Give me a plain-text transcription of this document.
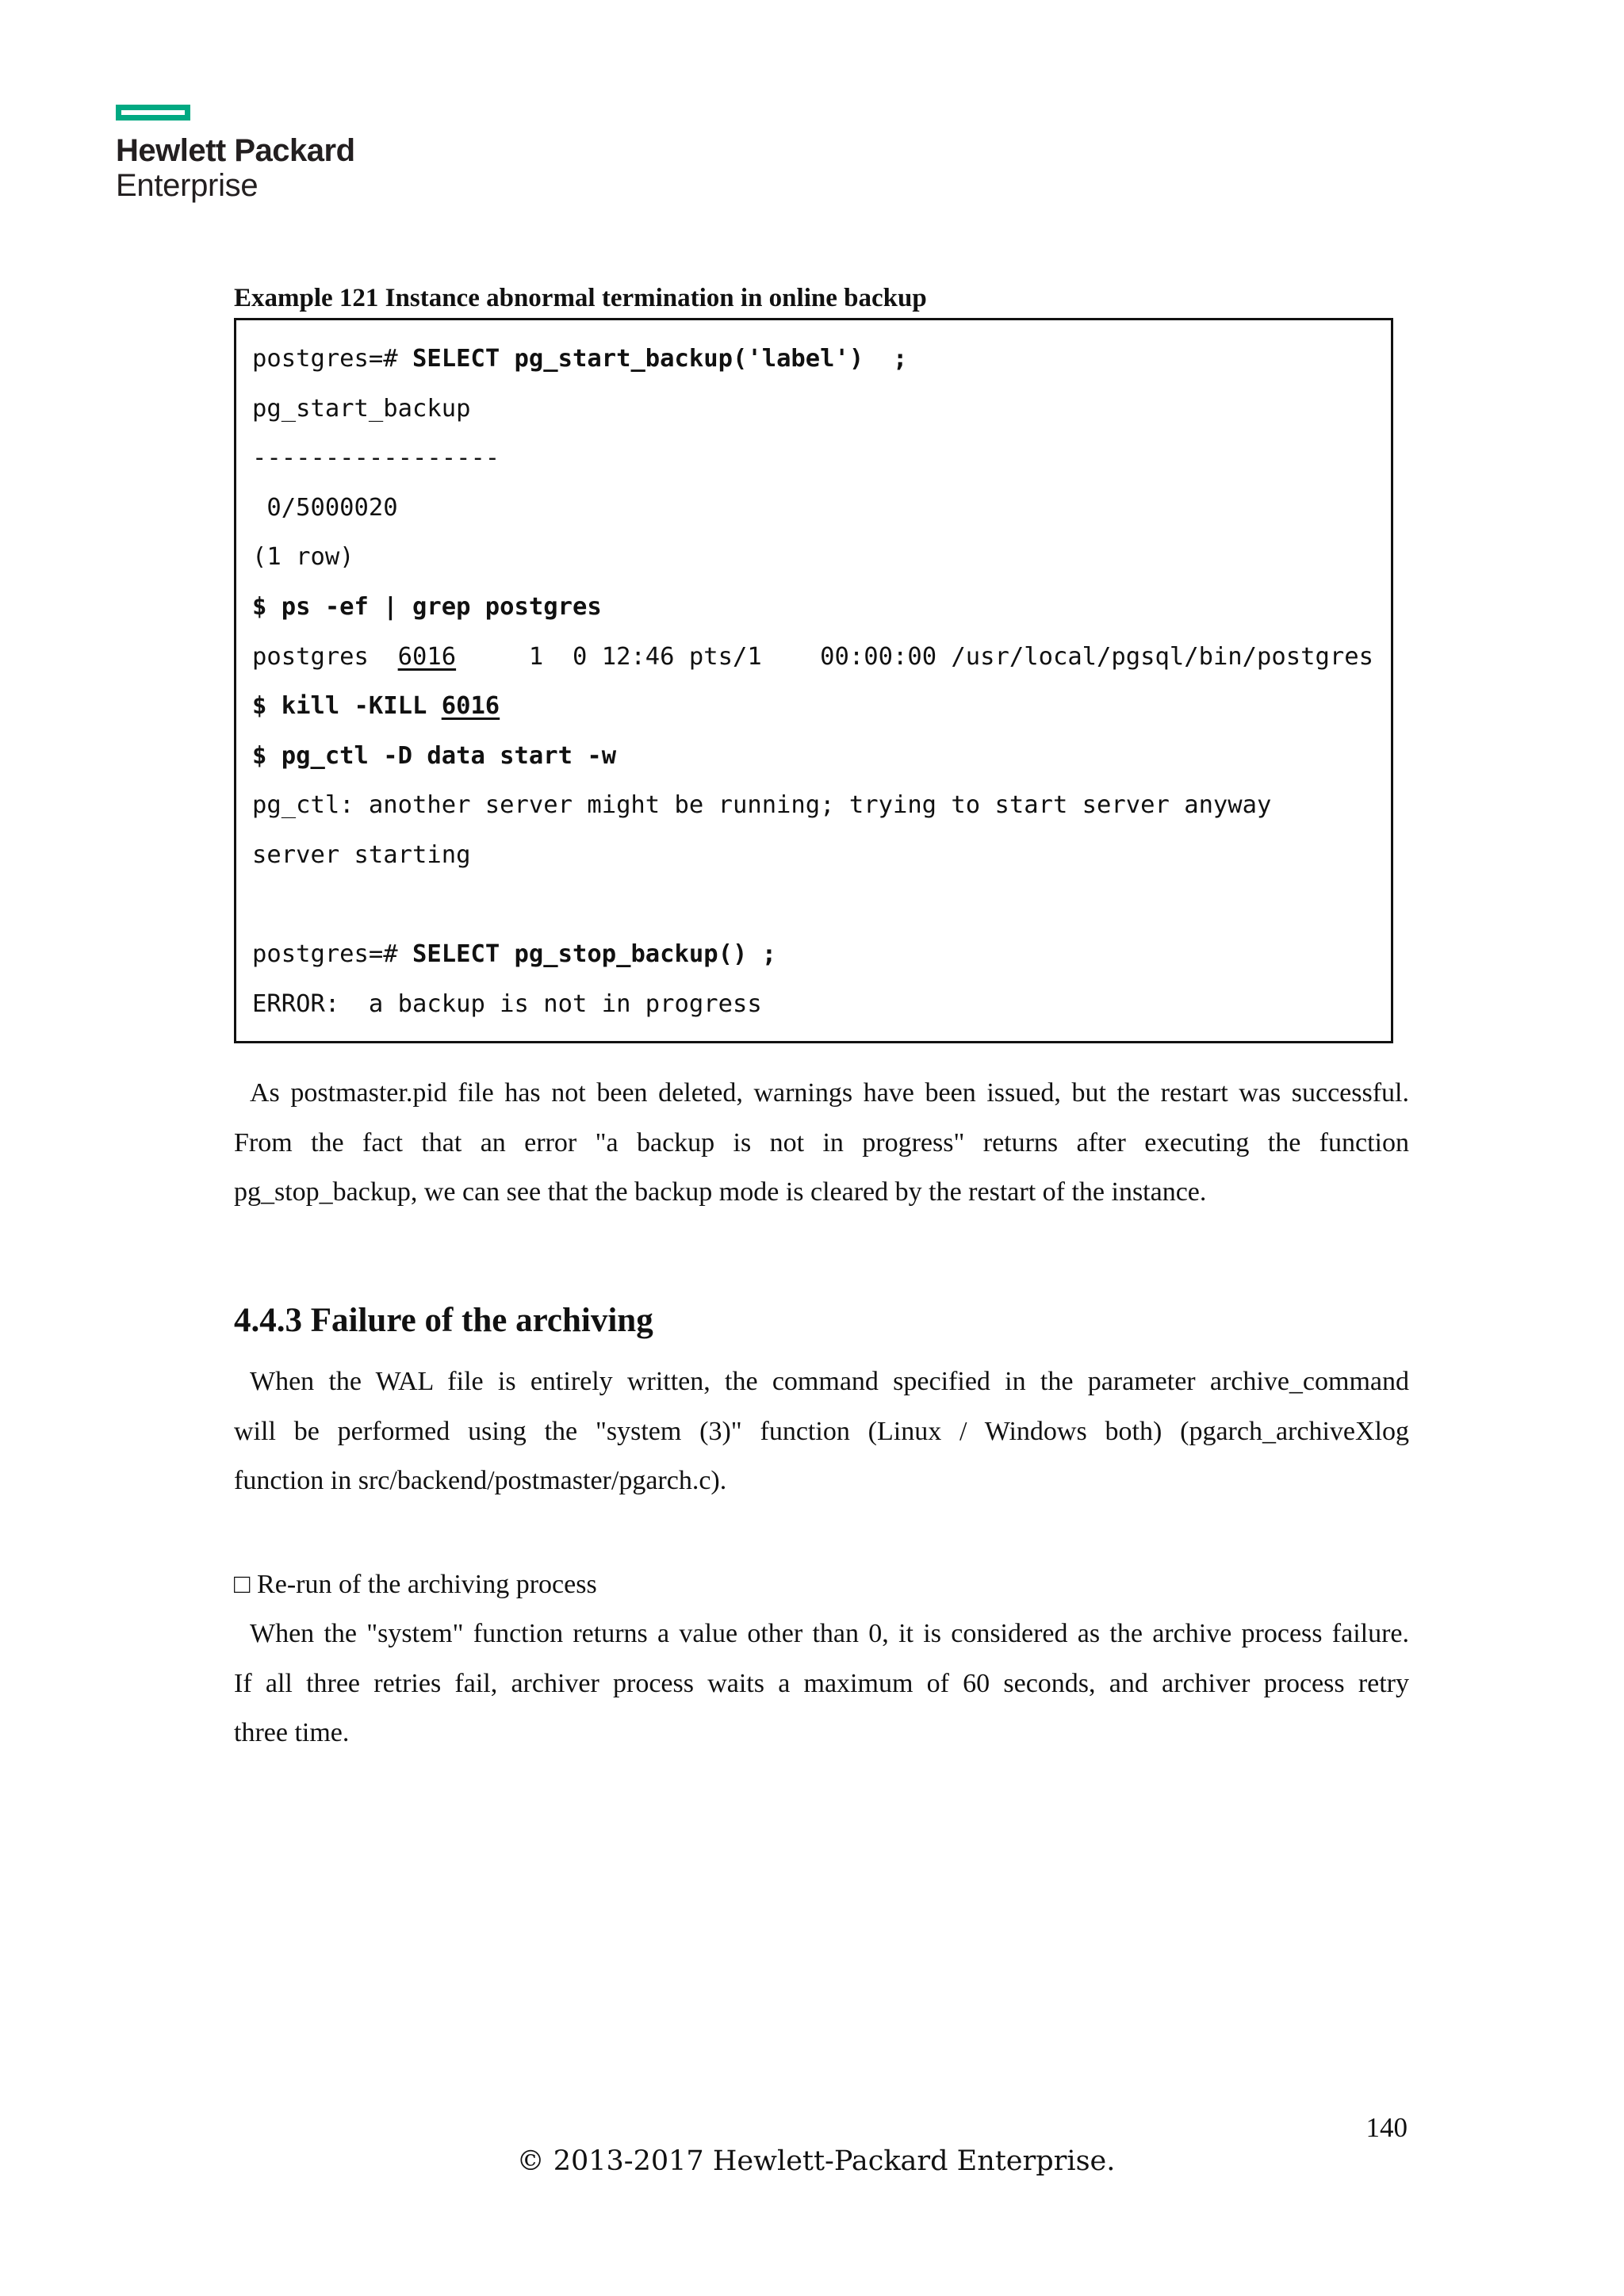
Hewlett Packard
Enterprise
Example 121 Instance abnormal termination in online backup
postgres=# SELECT pg_start_backup('label')  ;
pg_start_backup
-----------------
0/5000020
(1 row)
$ ps -ef | grep postgres
postgres  6016     1  0 12:46 pts/1    00:00:00 /usr/local/pgsql/bin/postgres
$ kill -KILL 6016
$ pg_ctl -D data start -w
pg_ctl: another server might be running; trying to start server anyway
server starting
postgres=# SELECT pg_stop_backup() ;
ERROR:  a backup is not in progress
As postmaster.pid file has not been deleted, warnings have been issued, but the restart was successful.
From the fact that an error "a backup is not in progress" returns after executing the function
pg_stop_backup, we can see that the backup mode is cleared by the restart of the instance.
4.4.3 Failure of the archiving
When the WAL file is entirely written, the command specified in the parameter archive_command
will be performed using the "system (3)" function (Linux / Windows both) (pgarch_archiveXlog
function in src/backend/postmaster/pgarch.c).
□ Re-run of the archiving process
When the "system" function returns a value other than 0, it is considered as the archive process failure.
If all three retries fail, archiver process waits a maximum of 60 seconds, and archiver process retry
three time.
140
© 2013-2017 Hewlett-Packard Enterprise.
